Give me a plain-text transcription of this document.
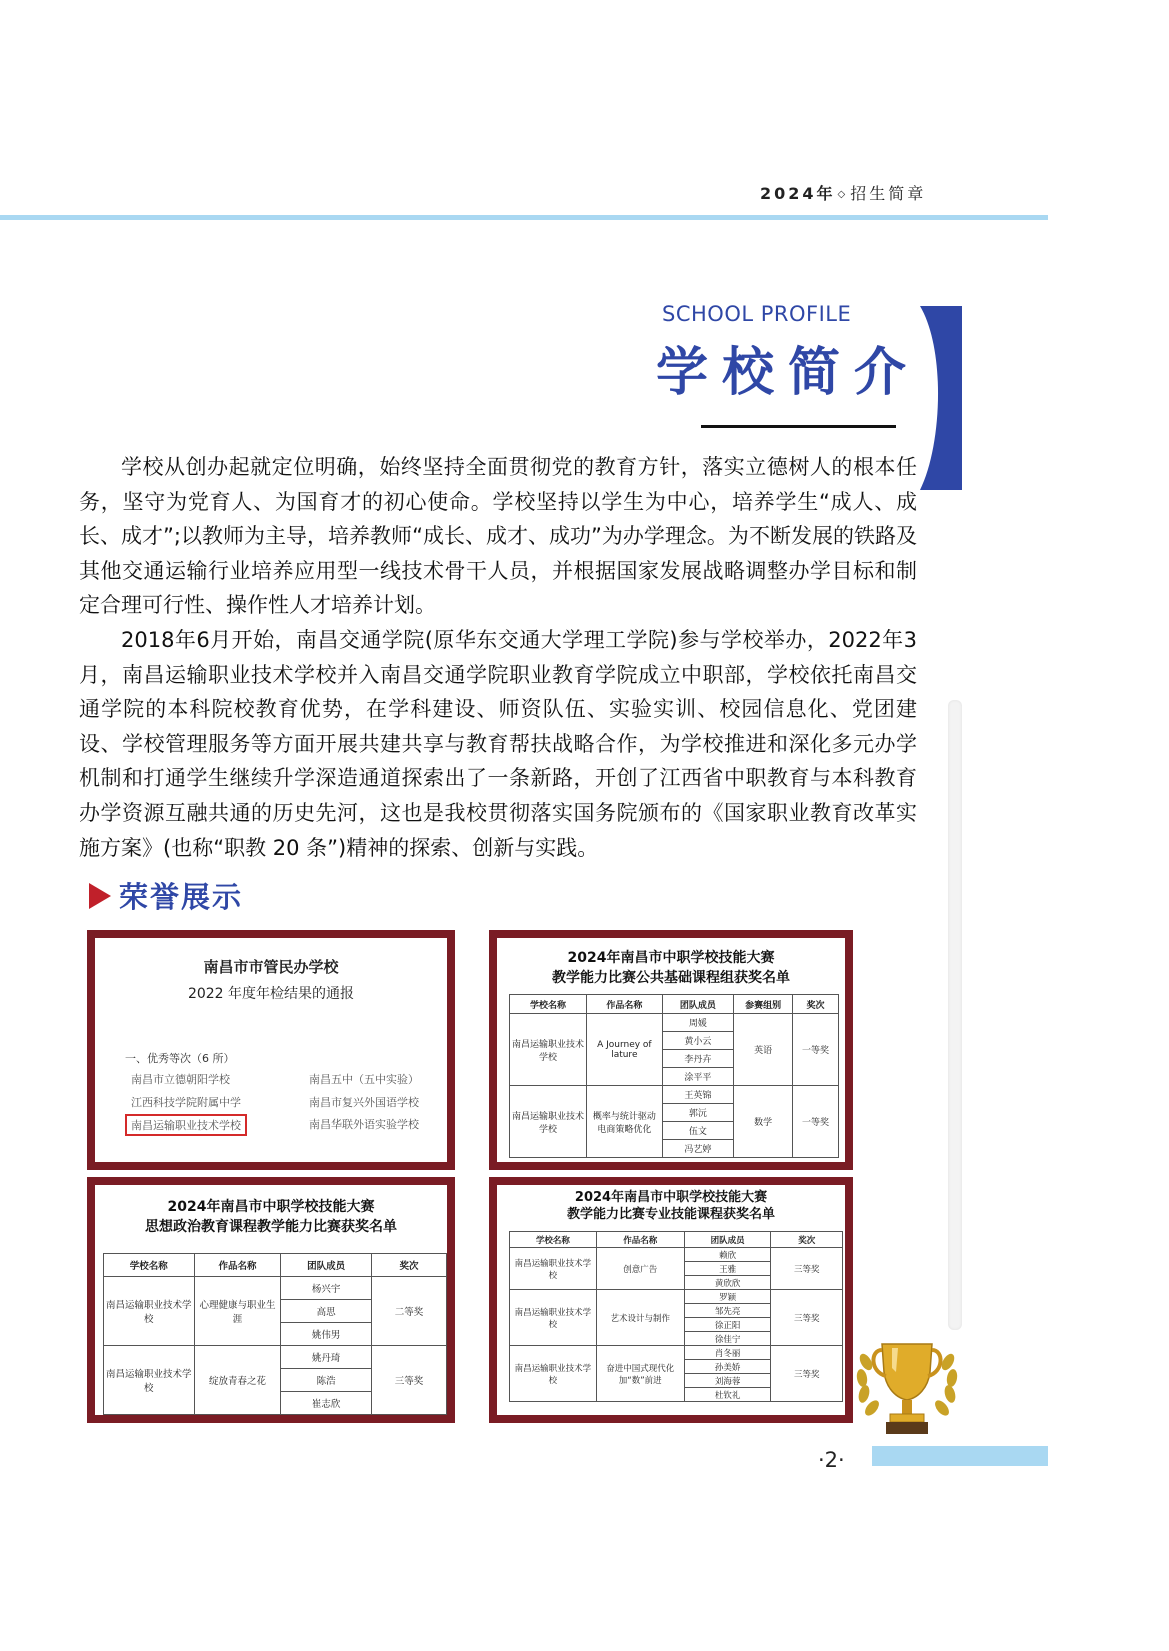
2024年 ◇ 招生简章
SCHOOL PROFILE
学校简介

学校从创办起就定位明确，始终坚持全面贯彻党的教育方针，落实立德树人的根本任务，坚守为党育人、为国育才的初心使命。学校坚持以学生为中心，培养学生“成人、成长、成才”;以教师为主导，培养教师“成长、成才、成功”为办学理念。为不断发展的铁路及其他交通运输行业培养应用型一线技术骨干人员，并根据国家发展战略调整办学目标和制定合理可行性、操作性人才培养计划。

2018年6月开始，南昌交通学院(原华东交通大学理工学院)参与学校举办，2022年3月，南昌运输职业技术学校并入南昌交通学院职业教育学院成立中职部，学校依托南昌交通学院的本科院校教育优势，在学科建设、师资队伍、实验实训、校园信息化、党团建设、学校管理服务等方面开展共建共享与教育帮扶战略合作，为学校推进和深化多元办学机制和打通学生继续升学深造通道探索出了一条新路，开创了江西省中职教育与本科教育办学资源互融共通的历史先河，这也是我校贯彻落实国务院颁布的《国家职业教育改革实施方案》(也称“职教 20 条”)精神的探索、创新与实践。

荣誉展示
南昌市市管民办学校
2022 年度年检结果的通报
一、优秀等次（6 所）
南昌市立德朝阳学校
江西科技学院附属中学
南昌运输职业技术学校
南昌五中（五中实验）
南昌市复兴外国语学校
南昌华联外语实验学校
2024年南昌市中职学校技能大赛
教学能力比赛公共基础课程组获奖名单
学校名称	作品名称	团队成员	参赛组别	奖次
南昌运输职业技术学校	A Journey of lature	周媛	英语	一等奖
		黄小云		
		李丹卉		
		涂平平		
南昌运输职业技术学校	概率与统计驱动电商策略优化	王英锦	数学	一等奖
		郭沅		
		伍文		
		冯艺婷		
2024年南昌市中职学校技能大赛
思想政治教育课程教学能力比赛获奖名单
学校名称	作品名称	团队成员	奖次
南昌运输职业技术学校	心理健康与职业生涯	杨兴宇	二等奖
		高思	
		姚伟男	
南昌运输职业技术学校	绽放青春之花	姚丹琦	三等奖
		陈浩	
		崔志欣	
2024年南昌市中职学校技能大赛
教学能力比赛专业技能课程获奖名单
学校名称	作品名称	团队成员	奖次
南昌运输职业技术学校	创意广告	赖欣	三等奖
		王雅	
		黄欣欣	
南昌运输职业技术学校	艺术设计与制作	罗颖	三等奖
		邹先亮	
		徐正阳	
		徐佳宁	
南昌运输职业技术学校	奋进中国式现代化加“数”前进	肖冬丽	三等奖
		孙美娇	
		刘海蓉	
		杜钦礼	
·2·
